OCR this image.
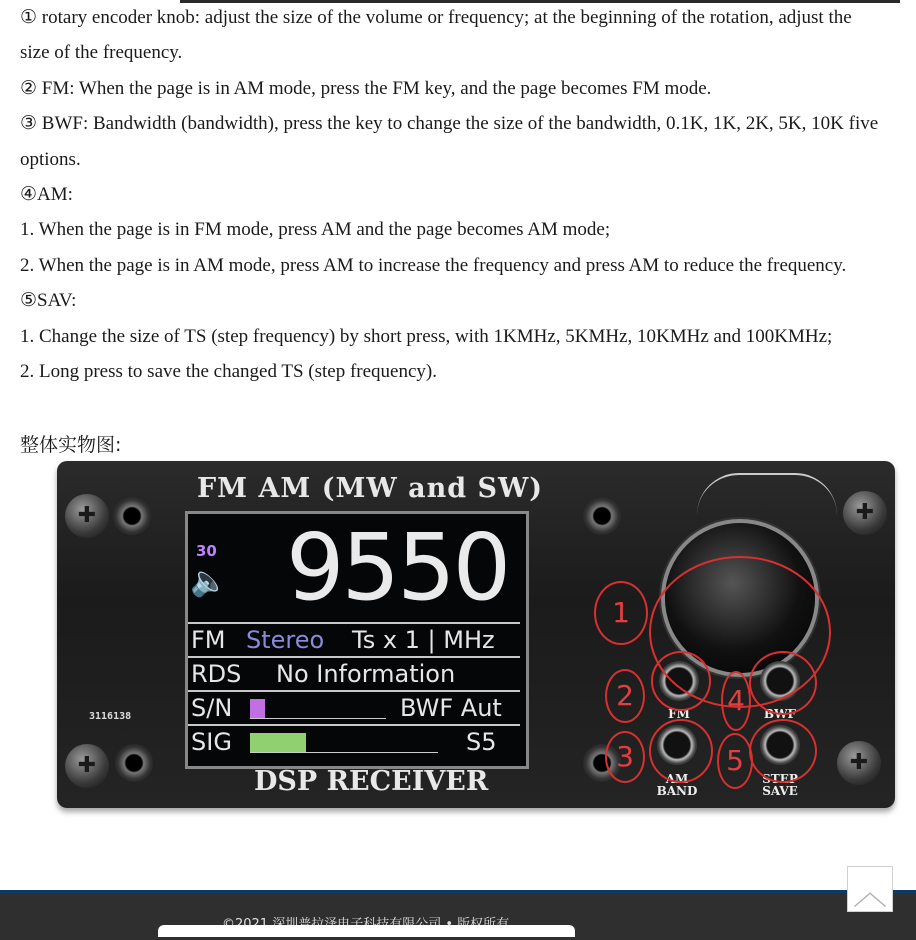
① rotary encoder knob: adjust the size of the volume or frequency; at the beginning of the rotation, adjust the
size of the frequency.
② FM: When the page is in AM mode, press the FM key, and the page becomes FM mode.
③ BWF: Bandwidth (bandwidth), press the key to change the size of the bandwidth, 0.1K, 1K, 2K, 5K, 10K five
options.
④AM:
1. When the page is in FM mode, press AM and the page becomes AM mode;
2. When the page is in AM mode, press AM to increase the frequency and press AM to reduce the frequency.
⑤SAV:
1. Change the size of TS (step frequency) by short press, with 1KMHz, 5KMHz, 10KMHz and 100KMHz;
2. Long press to save the changed TS (step frequency).
整体实物图:
✚
✚
✚
✚
FM AM (MW and SW)
3116138
30
🔈 9550
FM Stereo Ts x 1 | MHz
RDS No Information
S/N	BWF Aut
SIG	S5
DSP RECEIVER
FM	BWF
AM
BAND
STEP
SAVE
1
2
3
4
5
︿
